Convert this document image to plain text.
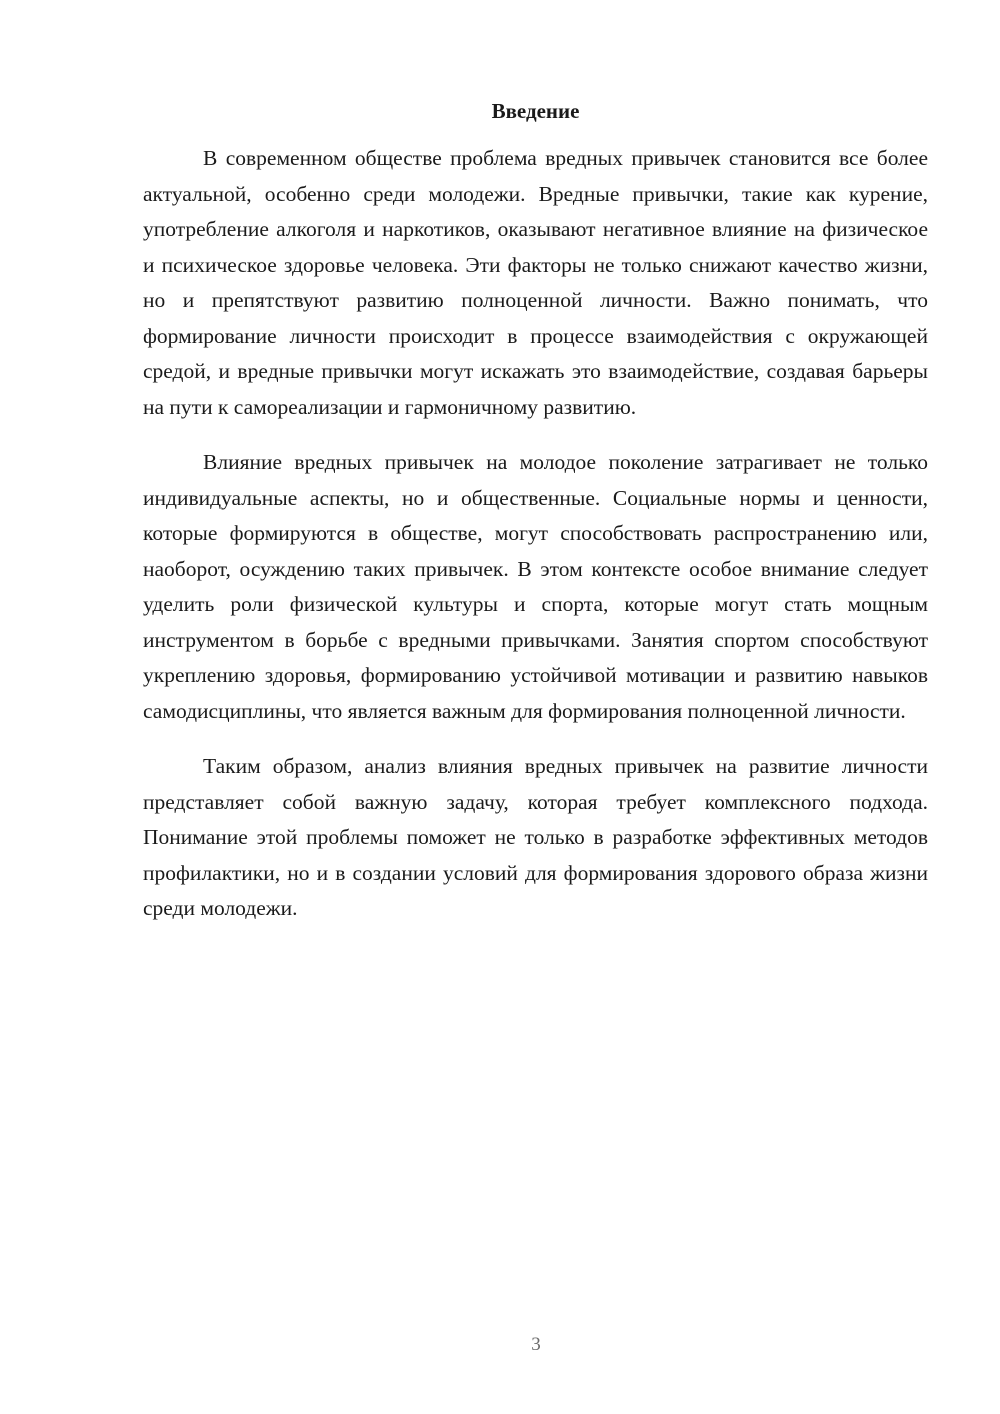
Введение

В современном обществе проблема вредных привычек становится все более актуальной, особенно среди молодежи. Вредные привычки, такие как курение, употребление алкоголя и наркотиков, оказывают негативное влияние на физическое и психическое здоровье человека. Эти факторы не только снижают качество жизни, но и препятствуют развитию полноценной личности. Важно понимать, что формирование личности происходит в процессе взаимодействия с окружающей средой, и вредные привычки могут искажать это взаимодействие, создавая барьеры на пути к самореализации и гармоничному развитию.

Влияние вредных привычек на молодое поколение затрагивает не только индивидуальные аспекты, но и общественные. Социальные нормы и ценности, которые формируются в обществе, могут способствовать распространению или, наоборот, осуждению таких привычек. В этом контексте особое внимание следует уделить роли физической культуры и спорта, которые могут стать мощным инструментом в борьбе с вредными привычками. Занятия спортом способствуют укреплению здоровья, формированию устойчивой мотивации и развитию навыков самодисциплины, что является важным для формирования полноценной личности.

Таким образом, анализ влияния вредных привычек на развитие личности представляет собой важную задачу, которая требует комплексного подхода. Понимание этой проблемы поможет не только в разработке эффективных методов профилактики, но и в создании условий для формирования здорового образа жизни среди молодежи.

3
